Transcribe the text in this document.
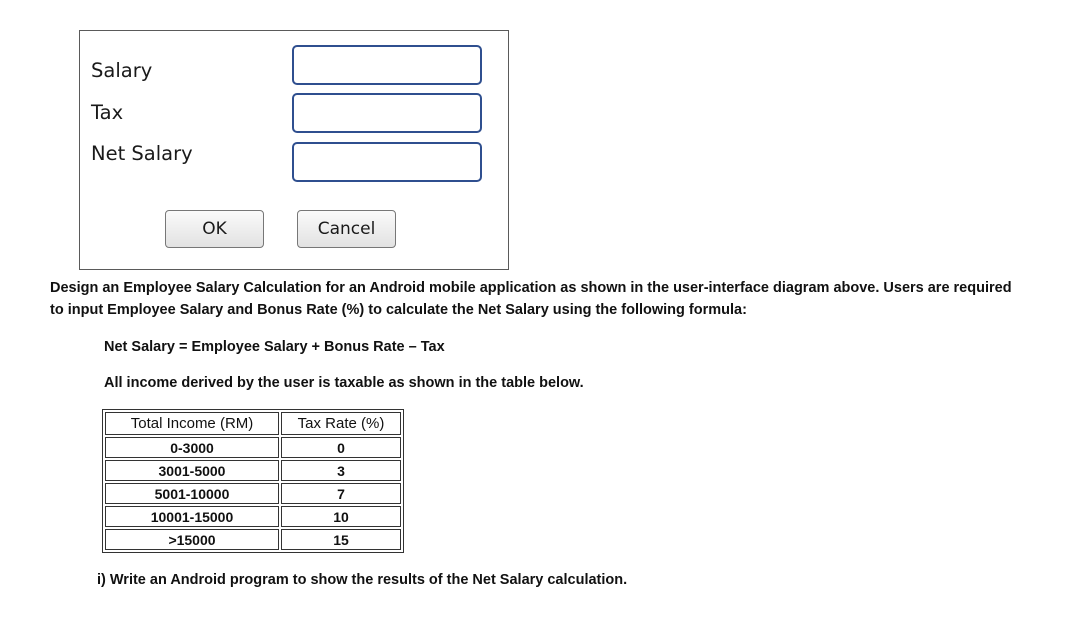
Salary
Tax
Net Salary
OK	Cancel

Design an Employee Salary Calculation for an Android mobile application as shown in the user-interface diagram above. Users are required

to input Employee Salary and Bonus Rate (%) to calculate the Net Salary using the following formula:

Net Salary = Employee Salary + Bonus Rate – Tax

All income derived by the user is taxable as shown in the table below.

Total Income (RM)	Tax Rate (%)
0-3000	0
3001-5000	3
5001-10000	7
10001-15000	10
>15000	15

i) Write an Android program to show the results of the Net Salary calculation.
